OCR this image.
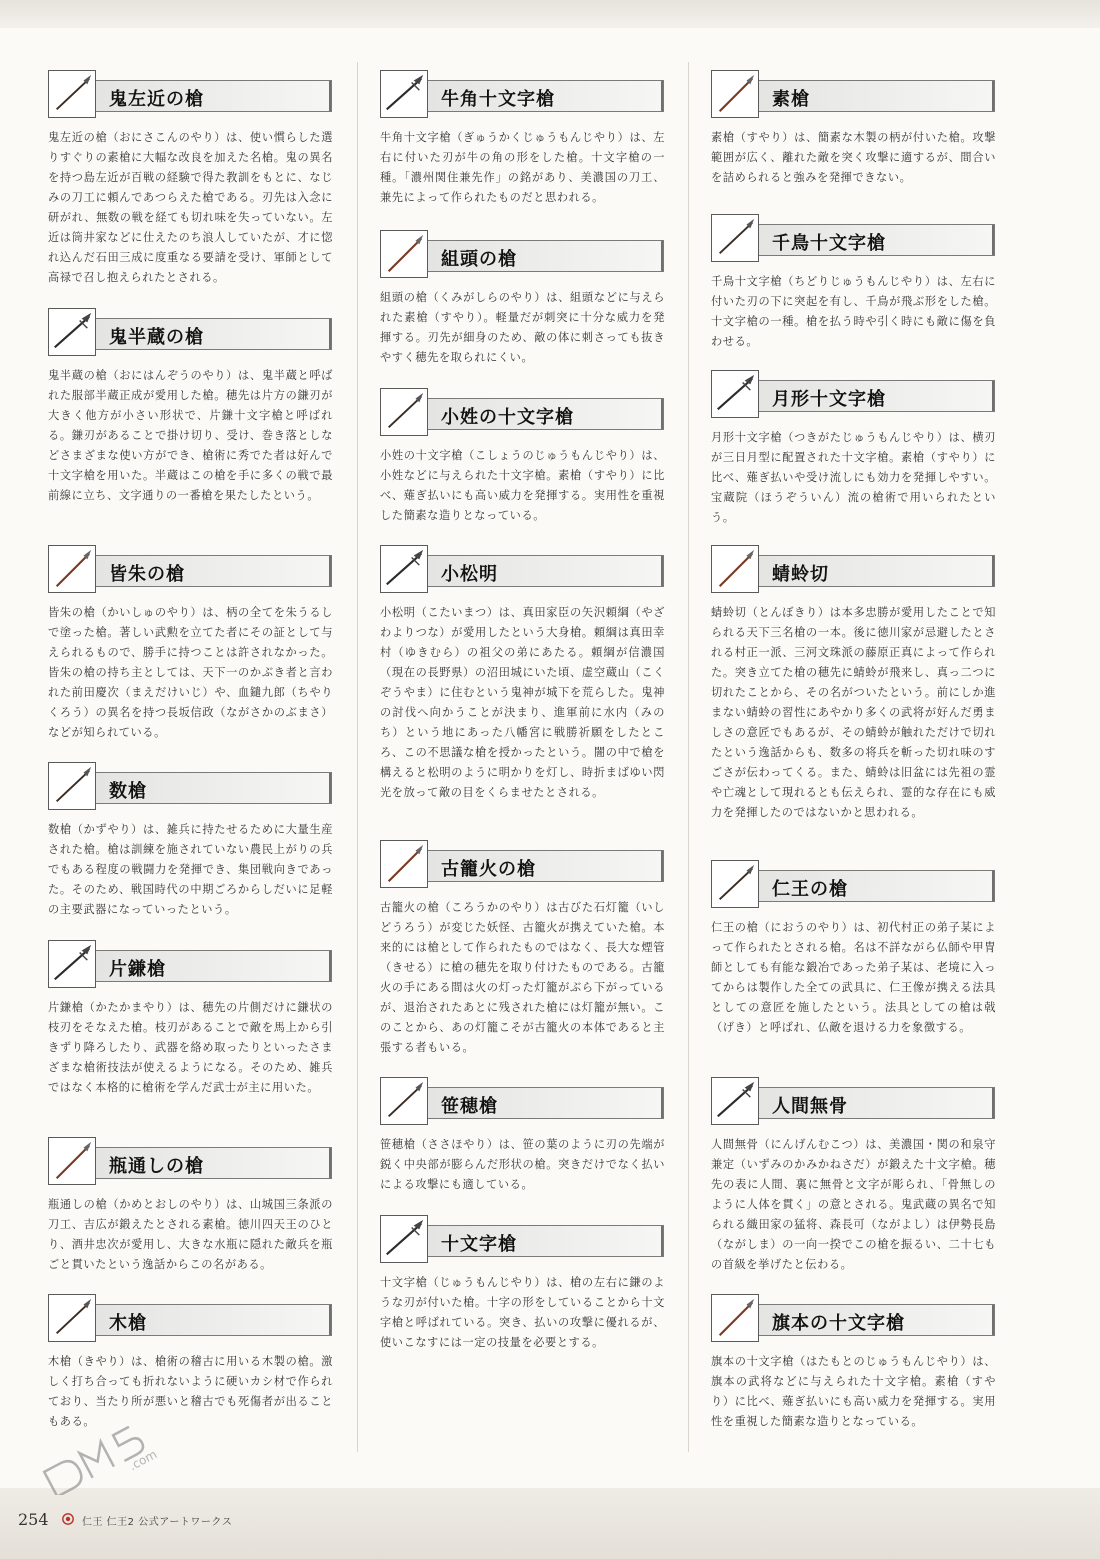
鬼左近の槍

鬼左近の槍（おにさこんのやり）は、使い慣らした選りすぐりの素槍に大幅な改良を加えた名槍。鬼の異名を持つ島左近が百戦の経験で得た教訓をもとに、なじみの刀工に頼んであつらえた槍である。刃先は入念に研がれ、無数の戦を経ても切れ味を失っていない。左近は筒井家などに仕えたのち浪人していたが、才に惚れ込んだ石田三成に度重なる要請を受け、軍師として高禄で召し抱えられたとされる。

鬼半蔵の槍

鬼半蔵の槍（おにはんぞうのやり）は、鬼半蔵と呼ばれた服部半蔵正成が愛用した槍。穂先は片方の鎌刃が大きく他方が小さい形状で、片鎌十文字槍と呼ばれる。鎌刃があることで掛け切り、受け、巻き落としなどさまざまな使い方ができ、槍術に秀でた者は好んで十文字槍を用いた。半蔵はこの槍を手に多くの戦で最前線に立ち、文字通りの一番槍を果たしたという。

皆朱の槍

皆朱の槍（かいしゅのやり）は、柄の全てを朱うるしで塗った槍。著しい武勲を立てた者にその証として与えられるもので、勝手に持つことは許されなかった。皆朱の槍の持ち主としては、天下一のかぶき者と言われた前田慶次（まえだけいじ）や、血鑓九郎（ちやりくろう）の異名を持つ長坂信政（ながさかのぶまさ）などが知られている。

数槍

数槍（かずやり）は、雑兵に持たせるために大量生産された槍。槍は訓練を施されていない農民上がりの兵でもある程度の戦闘力を発揮でき、集団戦向きであった。そのため、戦国時代の中期ごろからしだいに足軽の主要武器になっていったという。

片鎌槍

片鎌槍（かたかまやり）は、穂先の片側だけに鎌状の枝刃をそなえた槍。枝刃があることで敵を馬上から引きずり降ろしたり、武器を絡め取ったりといったさまざまな槍術技法が使えるようになる。そのため、雑兵ではなく本格的に槍術を学んだ武士が主に用いた。

瓶通しの槍

瓶通しの槍（かめとおしのやり）は、山城国三条派の刀工、吉広が鍛えたとされる素槍。徳川四天王のひとり、酒井忠次が愛用し、大きな水瓶に隠れた敵兵を瓶ごと貫いたという逸話からこの名がある。

木槍

木槍（きやり）は、槍術の稽古に用いる木製の槍。激しく打ち合っても折れないように硬いカシ材で作られており、当たり所が悪いと稽古でも死傷者が出ることもある。

牛角十文字槍

牛角十文字槍（ぎゅうかくじゅうもんじやり）は、左右に付いた刃が牛の角の形をした槍。十文字槍の一種。「濃州関住兼先作」の銘があり、美濃国の刀工、兼先によって作られたものだと思われる。

組頭の槍

組頭の槍（くみがしらのやり）は、組頭などに与えられた素槍（すやり）。軽量だが刺突に十分な威力を発揮する。刃先が細身のため、敵の体に刺さっても抜きやすく穂先を取られにくい。

小姓の十文字槍

小姓の十文字槍（こしょうのじゅうもんじやり）は、小姓などに与えられた十文字槍。素槍（すやり）に比べ、薙ぎ払いにも高い威力を発揮する。実用性を重視した簡素な造りとなっている。

小松明

小松明（こたいまつ）は、真田家臣の矢沢頼綱（やざわよりつな）が愛用したという大身槍。頼綱は真田幸村（ゆきむら）の祖父の弟にあたる。頼綱が信濃国（現在の長野県）の沼田城にいた頃、虚空蔵山（こくぞうやま）に住むという鬼神が城下を荒らした。鬼神の討伐へ向かうことが決まり、進軍前に水内（みのち）という地にあった八幡宮に戦勝祈願をしたところ、この不思議な槍を授かったという。闇の中で槍を構えると松明のように明かりを灯し、時折まばゆい閃光を放って敵の目をくらませたとされる。

古籠火の槍

古籠火の槍（ころうかのやり）は古びた石灯籠（いしどうろう）が変じた妖怪、古籠火が携えていた槍。本来的には槍として作られたものではなく、長大な煙管（きせる）に槍の穂先を取り付けたものである。古籠火の手にある間は火の灯った灯籠がぶら下がっているが、退治されたあとに残された槍には灯籠が無い。このことから、あの灯籠こそが古籠火の本体であると主張する者もいる。

笹穂槍

笹穂槍（ささほやり）は、笹の葉のように刃の先端が鋭く中央部が膨らんだ形状の槍。突きだけでなく払いによる攻撃にも適している。

十文字槍

十文字槍（じゅうもんじやり）は、槍の左右に鎌のような刃が付いた槍。十字の形をしていることから十文字槍と呼ばれている。突き、払いの攻撃に優れるが、使いこなすには一定の技量を必要とする。

素槍

素槍（すやり）は、簡素な木製の柄が付いた槍。攻撃範囲が広く、離れた敵を突く攻撃に適するが、間合いを詰められると強みを発揮できない。

千鳥十文字槍

千鳥十文字槍（ちどりじゅうもんじやり）は、左右に付いた刃の下に突起を有し、千鳥が飛ぶ形をした槍。十文字槍の一種。槍を払う時や引く時にも敵に傷を負わせる。

月形十文字槍

月形十文字槍（つきがたじゅうもんじやり）は、横刃が三日月型に配置された十文字槍。素槍（すやり）に比べ、薙ぎ払いや受け流しにも効力を発揮しやすい。宝蔵院（ほうぞういん）流の槍術で用いられたという。

蜻蛉切

蜻蛉切（とんぼきり）は本多忠勝が愛用したことで知られる天下三名槍の一本。後に徳川家が忌避したとされる村正一派、三河文珠派の藤原正真によって作られた。突き立てた槍の穂先に蜻蛉が飛来し、真っ二つに切れたことから、その名がついたという。前にしか進まない蜻蛉の習性にあやかり多くの武将が好んだ勇ましさの意匠でもあるが、その蜻蛉が触れただけで切れたという逸話からも、数多の将兵を斬った切れ味のすごさが伝わってくる。また、蜻蛉は旧盆には先祖の霊や亡魂として現れるとも伝えられ、霊的な存在にも威力を発揮したのではないかと思われる。

仁王の槍

仁王の槍（におうのやり）は、初代村正の弟子某によって作られたとされる槍。名は不詳ながら仏師や甲冑師としても有能な鍛冶であった弟子某は、老境に入ってからは製作した全ての武具に、仁王像が携える法具としての意匠を施したという。法具としての槍は戟（げき）と呼ばれ、仏敵を退ける力を象徴する。

人間無骨

人間無骨（にんげんむこつ）は、美濃国・関の和泉守兼定（いずみのかみかねさだ）が鍛えた十文字槍。穂先の表に人間、裏に無骨と文字が彫られ、「骨無しのように人体を貫く」の意とされる。鬼武蔵の異名で知られる織田家の猛将、森長可（ながよし）は伊勢長島（ながしま）の一向一揆でこの槍を振るい、二十七もの首級を挙げたと伝わる。

旗本の十文字槍

旗本の十文字槍（はたもとのじゅうもんじやり）は、旗本の武将などに与えられた十文字槍。素槍（すやり）に比べ、薙ぎ払いにも高い威力を発揮する。実用性を重視した簡素な造りとなっている。

254	仁王 仁王2 公式アートワークス
DM5
.com
